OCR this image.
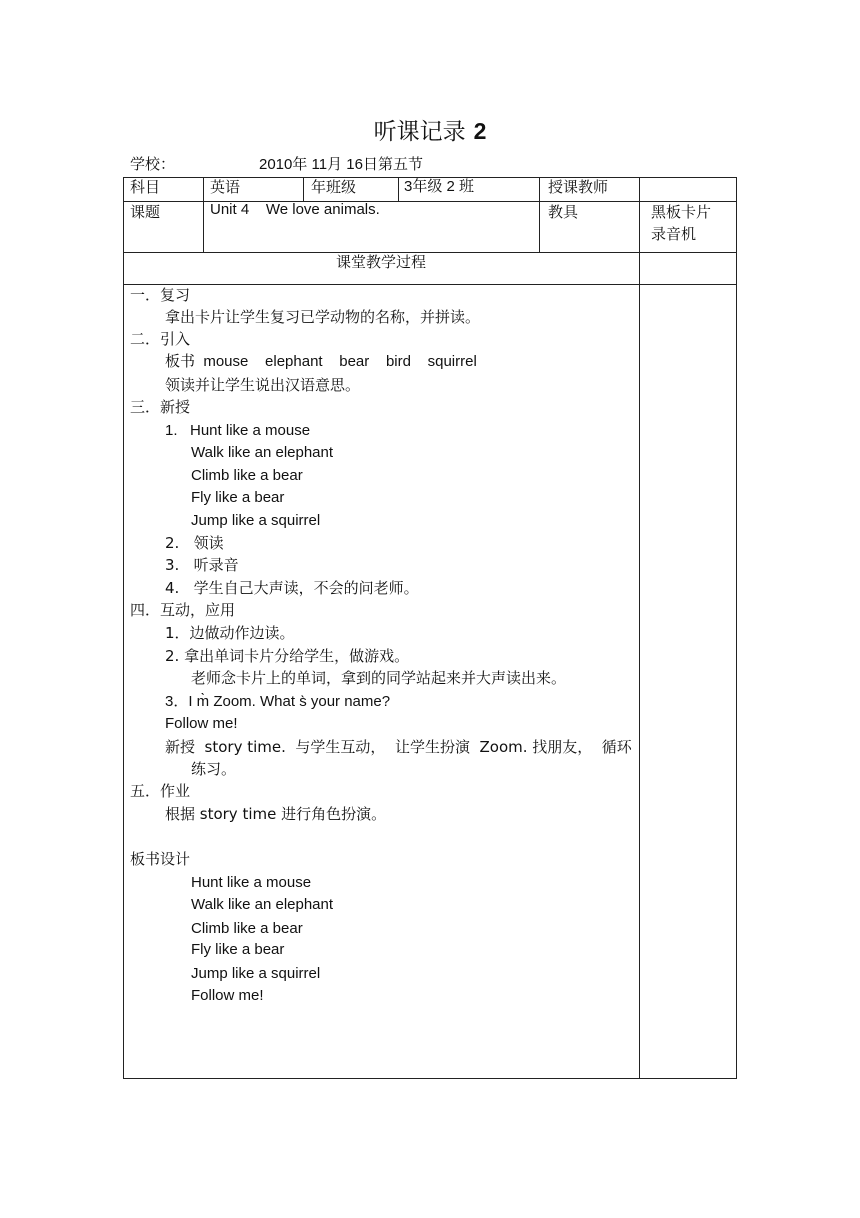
听课记录 2
学校：	2010年 11月 16日第五节
科目	英语	年班级	3年级 2 班	授课教师
课题	Unit 4    We love animals.	教具	黑板卡片
录音机
课堂教学过程
一．复习
拿出卡片让学生复习已学动物的名称，并拼读。
二．引入
板书  mouse    elephant    bear    bird    squirrel
领读并让学生说出汉语意思。
三．新授
1.   Hunt like a mouse
Walk like an elephant
Climb like a bear
Fly like a bear
Jump like a squirrel
2.   领读
3.   听录音
4.   学生自己大声读，不会的问老师。
四．互动，应用
1．边做动作边读。
2. 拿出单词卡片分给学生，做游戏。
老师念卡片上的单词，拿到的同学站起来并大声读出来。
3．I m̀ Zoom. What s̀ your name?
Follow me!
新授  story time.  与学生互动，  让学生扮演  Zoom. 找朋友，  循环
练习。
五．作业
根据 story time 进行角色扮演。
板书设计
Hunt like a mouse
Walk like an elephant
Climb like a bear
Fly like a bear
Jump like a squirrel
Follow me!
